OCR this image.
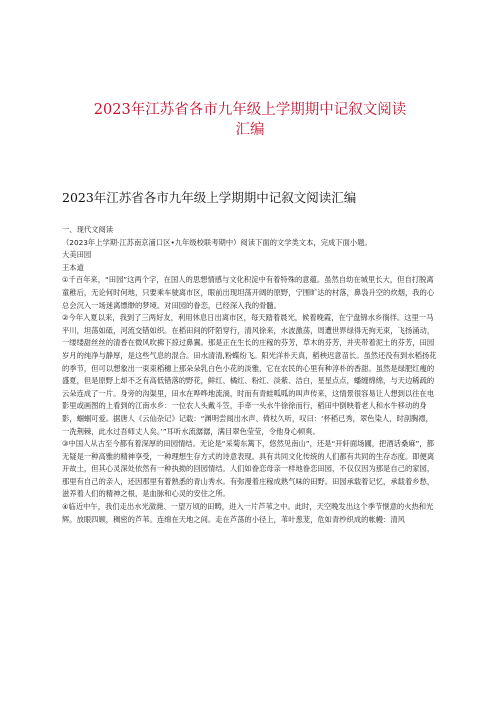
2023年江苏省各市九年级上学期期中记叙文阅读
汇编
2023年江苏省各市九年级上学期期中记叙文阅读汇编

一、现代文阅读

（2023年上学期·江苏南京浦口区•九年级校联考期中）阅读下面的文学类文本，完成下面小题。

大美田园

王本道

①千百年来，“田园”这两个字，在国人的思想情感与文化积淀中有着特殊的意蕴。虽然自幼在城里长大，但自打脱离童稚后，无论何时何地，只要乘车驶离市区，眼前出现坦荡开阔的原野，宁围旷达的村落，鼻袅升空的炊烟，我的心总会沉入一场迷离缥缈的梦境。对田园的眷恋，已经深入我的骨髓。

②今年入夏以来，我到了三两好友，利用休息日出离市区，每天踏着晨光，候着晚霞，在宁盘锦水乡徜徉。这里一马平川，坦荡如砥，河流交错如织。在稻田间的阡陌穿行，清风徐来，水波激荡，周遭世界绿得无拘无束，飞扬涌动，一缕缕甜丝丝的清香在微风吹拂下掠过鼻翼。那是正在生长的庄稼的芬芳，草木的芬芳，并夹带着泥土的芬芳，田园岁月的纯净与静厚，是这些气息的混合。田水清清,粉蝶纷飞。阳光洋朴天真，稻秧迟意苗长。虽然还没有到水稻扬花的季节，但可以想象出一束束稻穗上那朵朵乳白色小花的淡雅，它在农民的心里有种淳朴的香甜。虽然是绿肥红瘦的盛夏，但是原野上却不乏有高低错落的野花，鲜红、橘红、粉红、淡紫、洁白，星星点点，蟠缠绵绵，与天边稀疏的云朵连成了一片。身旁的沟渠里，田水在哗哗地流淌，时而有青蛙呱呱的叫声传来，这情景很容易让人想到以往在电影里或画图的上看到的江南水乡：一位农人头戴斗笠，手牵一头水牛徐徐而行，稻田中倒映着老人和水牛移动的身影，蝈蝈可爱。据唐人《云仙杂记》记载：“渊明尝闻出水声、倚杖久听，叹曰：‘杯稻已秀，翠色染人，时剖胸襟，一洗荆棘，此水过吾师丈人矣。’”耳听水流潺潺，满目翠色莹莹，令他身心顿爽。

③中国人从古至今都有着深厚的田园情结。无论是“采菊东篱下，悠然见南山”，还是“开轩面场圃，把酒话桑麻”，都无疑是一种高雅的精神享受，一种理想生存方式的诗意表现。具有共同文化传统的人们都有共同的生存态度。即便离开故土，但其心灵深处依然有一种执拗的回园情结。人们如眷恋母亲一样地眷恋田园，不仅仅因为那是自己的家园，那里有自己的亲人，还因那里有着熟悉的青山秀水。有弥漫着庄稼成熟气味的田野。田园承载着记忆，承载着乡愁，滋养着人们的精神之根，是血脉和心灵的安住之所。

④临近中午，我们走出水光潋滟、一望万顷的田畴，进入一片芦苇之中。此时，天空晚发出这个季节惬意的火热和光辉。放眼四顾，稠密的芦苇。连绵在天地之间。走在芦荡的小径上，苇叶葱茏，危如青纱织成的帐幔：清风
